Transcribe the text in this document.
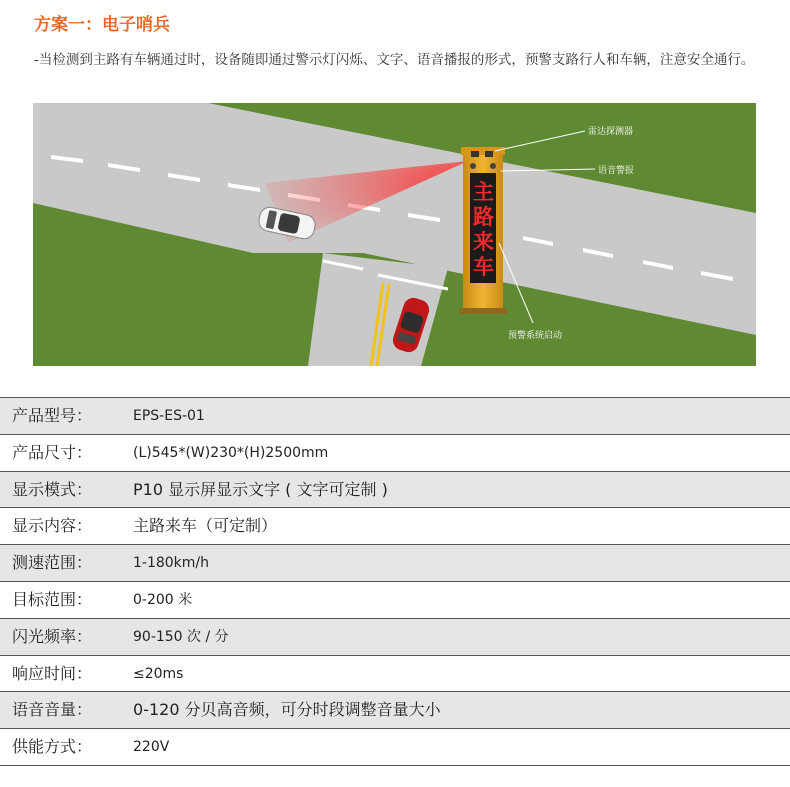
方案一：电子哨兵
-当检测到主路有车辆通过时，设备随即通过警示灯闪烁、文字、语音播报的形式，预警支路行人和车辆，注意安全通行。
主
路
来
车
雷达探测器
语音警报
预警系统启动
产品型号：	EPS-ES-01
产品尺寸：	(L)545*(W)230*(H)2500mm
显示模式：	P10 显示屏显示文字 ( 文字可定制 )
显示内容：	主路来车（可定制）
测速范围：	1-180km/h
目标范围：	0-200 米
闪光频率：	90-150 次 / 分
响应时间：	≤20ms
语音音量：	0-120 分贝高音频，可分时段调整音量大小
供能方式：	220V
